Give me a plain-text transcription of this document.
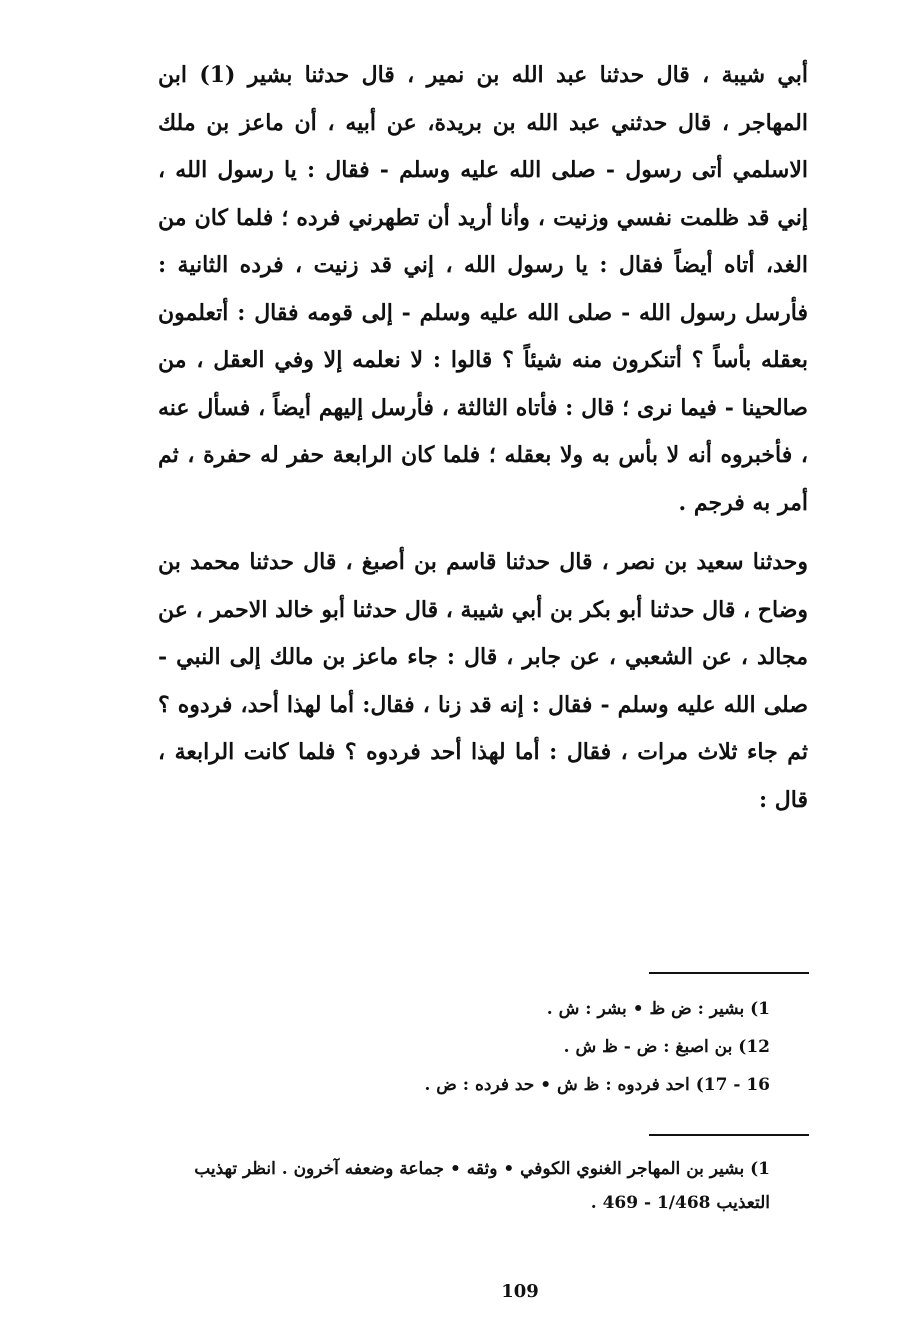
أبي شيبة ، قال حدثنا عبد الله بن نمير ، قال حدثنا بشير (1) ابن المهاجر ، قال حدثني عبد الله بن بريدة، عن أبيه ، أن ماعز بن ملك الاسلمي أتى رسول - صلى الله عليه وسلم - فقال : يا رسول الله ، إني قد ظلمت نفسي وزنيت ، وأنا أريد أن تطهرني فرده ؛ فلما كان من الغد، أتاه أيضاً فقال : يا رسول الله ، إني قد زنيت ، فرده الثانية : فأرسل رسول الله - صلى الله عليه وسلم - إلى قومه فقال : أتعلمون بعقله بأساً ؟ أتنكرون منه شيئاً ؟ قالوا : لا نعلمه إلا وفي العقل ، من صالحينا - فيما نرى ؛ قال : فأتاه الثالثة ، فأرسل إليهم أيضاً ، فسأل عنه ، فأخبروه أنه لا بأس به ولا بعقله ؛ فلما كان الرابعة حفر له حفرة ، ثم أمر به فرجم .

وحدثنا سعيد بن نصر ، قال حدثنا قاسم بن أصبغ ، قال حدثنا محمد بن وضاح ، قال حدثنا أبو بكر بن أبي شيبة ، قال حدثنا أبو خالد الاحمر ، عن مجالد ، عن الشعبي ، عن جابر ، قال : جاء ماعز بن مالك إلى النبي - صلى الله عليه وسلم - فقال : إنه قد زنا ، فقال: أما لهذا أحد، فردوه ؟ ثم جاء ثلاث مرات ، فقال : أما لهذا أحد فردوه ؟ فلما كانت الرابعة ، قال :

1) بشير : ض ظ • بشر : ش .
12) بن اصبغ : ض - ظ ش .
16 - 17) احد فردوه : ظ ش • حد فرده : ض .
1) بشير بن المهاجر الغنوي الكوفي • وثقه • جماعة وضعفه آخرون . انظر تهذيب التعذيب 1/468 - 469 .
109
